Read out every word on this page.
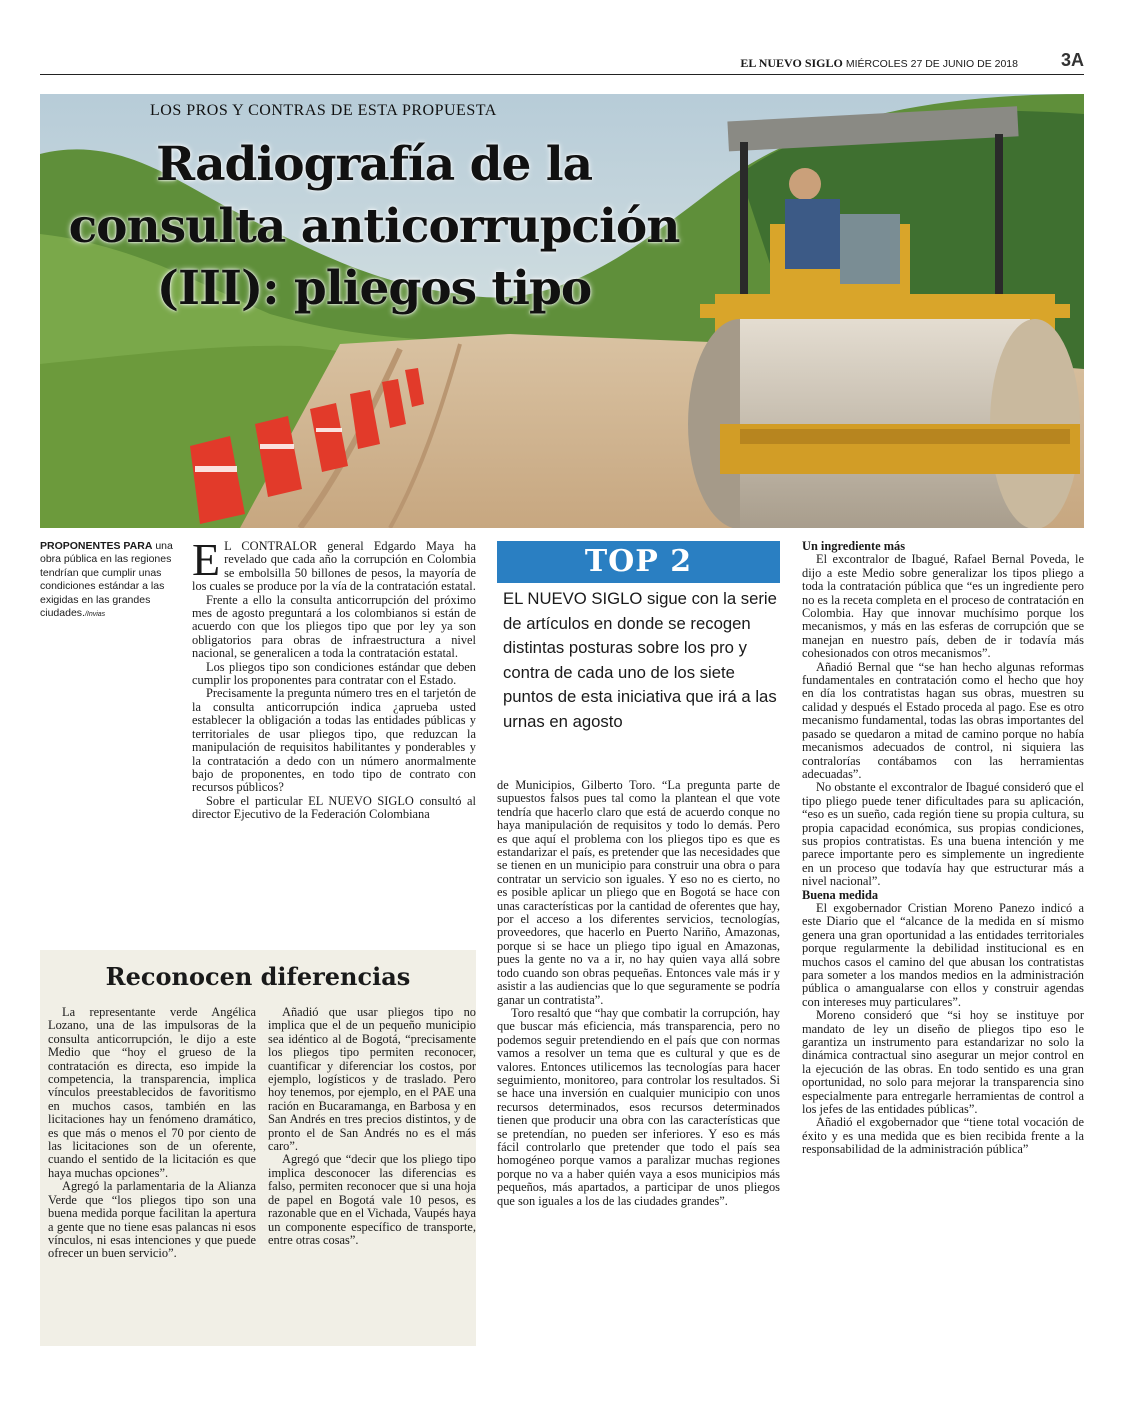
EL NUEVO SIGLO MIÉRCOLES 27 DE JUNIO DE 2018 3A
LOS PROS Y CONTRAS DE ESTA PROPUESTA
Radiografía de la consulta anticorrupción (III): pliegos tipo
PROPONENTES PARA una obra pública en las regiones tendrían que cumplir unas condiciones estándar a las exigidas en las grandes ciudades./Invias

E L CONTRALOR general Edgardo Maya ha revelado que cada año la corrupción en Colombia se embolsilla 50 billones de pesos, la mayoría de los cuales se produce por la vía de la contratación estatal.

Frente a ello la consulta anticorrupción del próximo mes de agosto preguntará a los colombianos si están de acuerdo con que los pliegos tipo que por ley ya son obligatorios para obras de infraestructura a nivel nacional, se generalicen a toda la contratación estatal.

Los pliegos tipo son condiciones estándar que deben cumplir los proponentes para contratar con el Estado.

Precisamente la pregunta número tres en el tarjetón de la consulta anticorrupción indica ¿aprueba usted establecer la obligación a todas las entidades públicas y territoriales de usar pliegos tipo, que reduzcan la manipulación de requisitos habilitantes y ponderables y la contratación a dedo con un número anormalmente bajo de proponentes, en todo tipo de contrato con recursos públicos?

Sobre el particular EL NUEVO SIGLO consultó al director Ejecutivo de la Federación Colombiana

TOP 2
EL NUEVO SIGLO sigue con la serie de artículos en donde se recogen distintas posturas sobre los pro y contra de cada uno de los siete puntos de esta iniciativa que irá a las urnas en agosto

de Municipios, Gilberto Toro. “La pregunta parte de supuestos falsos pues tal como la plantean el que vote tendría que hacerlo claro que está de acuerdo conque no haya manipulación de requisitos y todo lo demás. Pero es que aquí el problema con los pliegos tipo es que es estandarizar el país, es pretender que las necesidades que se tienen en un municipio para construir una obra o para contratar un servicio son iguales. Y eso no es cierto, no es posible aplicar un pliego que en Bogotá se hace con unas características por la cantidad de oferentes que hay, por el acceso a los diferentes servicios, tecnologías, proveedores, que hacerlo en Puerto Nariño, Amazonas, porque si se hace un pliego tipo igual en Amazonas, pues la gente no va a ir, no hay quien vaya allá sobre todo cuando son obras pequeñas. Entonces vale más ir y asistir a las audiencias que lo que seguramente se podría ganar un contratista”.

Toro resaltó que “hay que combatir la corrupción, hay que buscar más eficiencia, más transparencia, pero no podemos seguir pretendiendo en el país que con normas vamos a resolver un tema que es cultural y que es de valores. Entonces utilicemos las tecnologías para hacer seguimiento, monitoreo, para controlar los resultados. Si se hace una inversión en cualquier municipio con unos recursos determinados, esos recursos determinados tienen que producir una obra con las características que se pretendían, no pueden ser inferiores. Y eso es más fácil controlarlo que pretender que todo el país sea homogéneo porque vamos a paralizar muchas regiones porque no va a haber quién vaya a esos municipios más pequeños, más apartados, a participar de unos pliegos que son iguales a los de las ciudades grandes”.

Un ingrediente más

El excontralor de Ibagué, Rafael Bernal Poveda, le dijo a este Medio sobre generalizar los tipos pliego a toda la contratación pública que “es un ingrediente pero no es la receta completa en el proceso de contratación en Colombia. Hay que innovar muchísimo porque los mecanismos, y más en las esferas de corrupción que se manejan en nuestro país, deben de ir todavía más cohesionados con otros mecanismos”.

Añadió Bernal que “se han hecho algunas reformas fundamentales en contratación como el hecho que hoy en día los contratistas hagan sus obras, muestren su calidad y después el Estado proceda al pago. Ese es otro mecanismo fundamental, todas las obras importantes del pasado se quedaron a mitad de camino porque no había mecanismos adecuados de control, ni siquiera las contralorías contábamos con las herramientas adecuadas”.

No obstante el excontralor de Ibagué consideró que el tipo pliego puede tener dificultades para su aplicación, “eso es un sueño, cada región tiene su propia cultura, su propia capacidad económica, sus propias condiciones, sus propios contratistas. Es una buena intención y me parece importante pero es simplemente un ingrediente en un proceso que todavía hay que estructurar más a nivel nacional”.

Buena medida

El exgobernador Cristian Moreno Panezo indicó a este Diario que el “alcance de la medida en sí mismo genera una gran oportunidad a las entidades territoriales porque regularmente la debilidad institucional es en muchos casos el camino del que abusan los contratistas para someter a los mandos medios en la administración pública o amangualarse con ellos y construir agendas con intereses muy particulares”.

Moreno consideró que “si hoy se instituye por mandato de ley un diseño de pliegos tipo eso le garantiza un instrumento para estandarizar no solo la dinámica contractual sino asegurar un mejor control en la ejecución de las obras. En todo sentido es una gran oportunidad, no solo para mejorar la transparencia sino especialmente para entregarle herramientas de control a los jefes de las entidades públicas”.

Añadió el exgobernador que “tiene total vocación de éxito y es una medida que es bien recibida frente a la responsabilidad de la administración pública”

Reconocen diferencias

La representante verde Angélica Lozano, una de las impulsoras de la consulta anticorrupción, le dijo a este Medio que “hoy el grueso de la contratación es directa, eso impide la competencia, la transparencia, implica vínculos preestablecidos de favoritismo en muchos casos, también en las licitaciones hay un fenómeno dramático, es que más o menos el 70 por ciento de las licitaciones son de un oferente, cuando el sentido de la licitación es que haya muchas opciones”.

Agregó la parlamentaria de la Alianza Verde que “los pliegos tipo son una buena medida porque facilitan la apertura a gente que no tiene esas palancas ni esos vínculos, ni esas intenciones y que puede ofrecer un buen servicio”.

Añadió que usar pliegos tipo no implica que el de un pequeño municipio sea idéntico al de Bogotá, “precisamente los pliegos tipo permiten reconocer, cuantificar y diferenciar los costos, por ejemplo, logísticos y de traslado. Pero hoy tenemos, por ejemplo, en el PAE una ración en Bucaramanga, en Barbosa y en San Andrés en tres precios distintos, y de pronto el de San Andrés no es el más caro”.

Agregó que “decir que los pliego tipo implica desconocer las diferencias es falso, permiten reconocer que si una hoja de papel en Bogotá vale 10 pesos, es razonable que en el Vichada, Vaupés haya un componente específico de transporte, entre otras cosas”.
